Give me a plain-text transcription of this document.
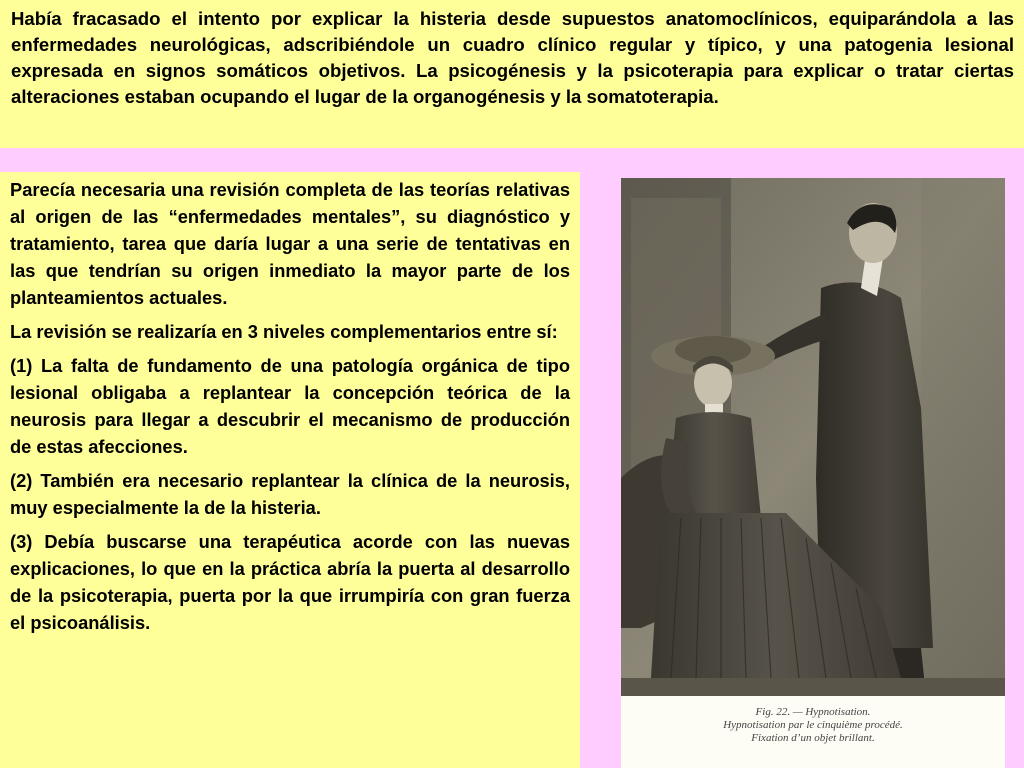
Había fracasado el intento por explicar la histeria desde supuestos anatomoclínicos, equiparándola a las enfermedades neurológicas, adscribiéndole un cuadro clínico regular y típico, y una patogenia lesional expresada en signos somáticos objetivos. La psicogénesis y la psicoterapia para explicar o tratar ciertas alteraciones estaban ocupando el lugar de la organogénesis y la somatoterapia.

Parecía necesaria una revisión completa de las teorías relativas al origen de las “enfermedades mentales”, su diagnóstico y tratamiento, tarea que daría lugar a una serie de tentativas en las que tendrían su origen inmediato la mayor parte de los planteamientos actuales.

La revisión se realizaría en 3 niveles complementarios entre sí:

(1) La falta de fundamento de una patología orgánica de tipo lesional obligaba a replantear la concepción teórica de la neurosis para llegar a descubrir el mecanismo de producción de estas afecciones.

(2) También era necesario replantear la clínica de la neurosis, muy especialmente la de la histeria.

(3) Debía buscarse una terapéutica acorde con las nuevas explicaciones, lo que en la práctica abría la puerta al desarrollo de la psicoterapia, puerta por la que irrumpiría con gran fuerza el psicoanálisis.

Fig. 22. — Hypnotisation.
Hypnotisation par le cinquième procédé.
Fixation d’un objet brillant.
